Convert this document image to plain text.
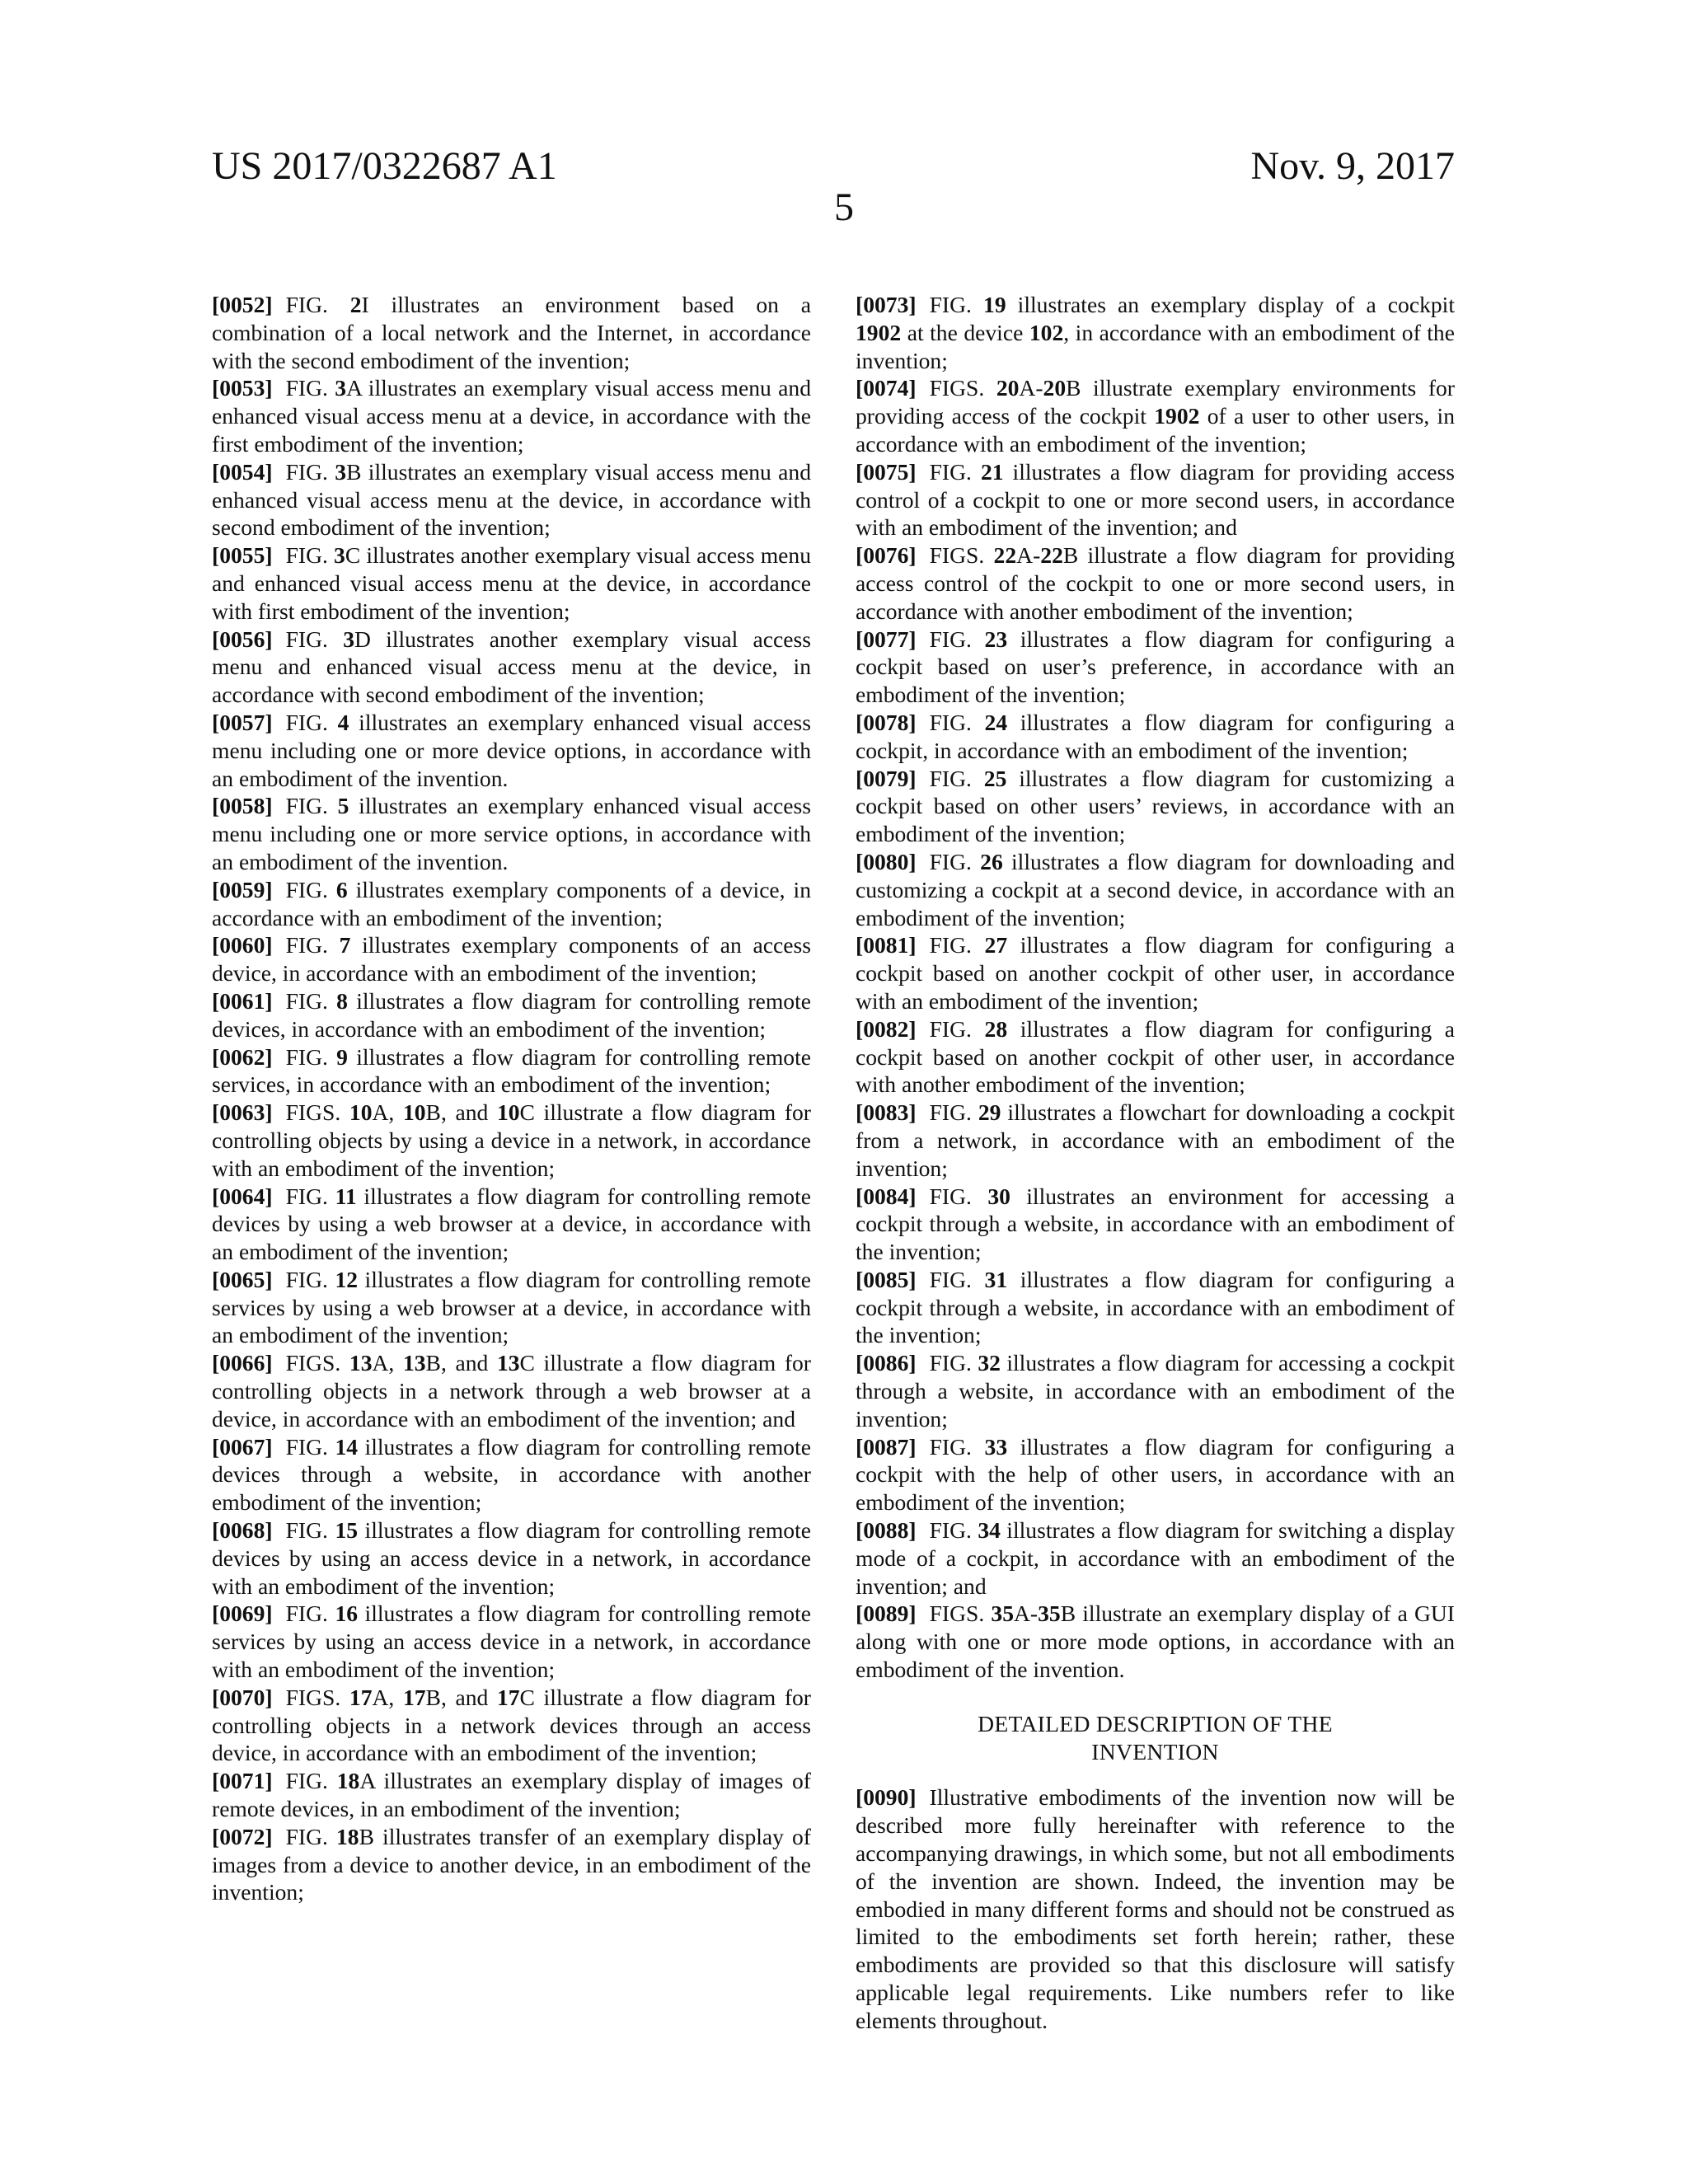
US 2017/0322687 A1	Nov. 9, 2017
5

[0052] FIG. 2I illustrates an environment based on a combination of a local network and the Internet, in accordance with the second embodiment of the invention;

[0053] FIG. 3A illustrates an exemplary visual access menu and enhanced visual access menu at a device, in accordance with the first embodiment of the invention;

[0054] FIG. 3B illustrates an exemplary visual access menu and enhanced visual access menu at the device, in accordance with second embodiment of the invention;

[0055] FIG. 3C illustrates another exemplary visual access menu and enhanced visual access menu at the device, in accordance with first embodiment of the invention;

[0056] FIG. 3D illustrates another exemplary visual access menu and enhanced visual access menu at the device, in accordance with second embodiment of the invention;

[0057] FIG. 4 illustrates an exemplary enhanced visual access menu including one or more device options, in accordance with an embodiment of the invention.

[0058] FIG. 5 illustrates an exemplary enhanced visual access menu including one or more service options, in accordance with an embodiment of the invention.

[0059] FIG. 6 illustrates exemplary components of a device, in accordance with an embodiment of the invention;

[0060] FIG. 7 illustrates exemplary components of an access device, in accordance with an embodiment of the invention;

[0061] FIG. 8 illustrates a flow diagram for controlling remote devices, in accordance with an embodiment of the invention;

[0062] FIG. 9 illustrates a flow diagram for controlling remote services, in accordance with an embodiment of the invention;

[0063] FIGS. 10A, 10B, and 10C illustrate a flow diagram for controlling objects by using a device in a network, in accordance with an embodiment of the invention;

[0064] FIG. 11 illustrates a flow diagram for controlling remote devices by using a web browser at a device, in accordance with an embodiment of the invention;

[0065] FIG. 12 illustrates a flow diagram for controlling remote services by using a web browser at a device, in accordance with an embodiment of the invention;

[0066] FIGS. 13A, 13B, and 13C illustrate a flow diagram for controlling objects in a network through a web browser at a device, in accordance with an embodiment of the invention; and

[0067] FIG. 14 illustrates a flow diagram for controlling remote devices through a website, in accordance with another embodiment of the invention;

[0068] FIG. 15 illustrates a flow diagram for controlling remote devices by using an access device in a network, in accordance with an embodiment of the invention;

[0069] FIG. 16 illustrates a flow diagram for controlling remote services by using an access device in a network, in accordance with an embodiment of the invention;

[0070] FIGS. 17A, 17B, and 17C illustrate a flow diagram for controlling objects in a network devices through an access device, in accordance with an embodiment of the invention;

[0071] FIG. 18A illustrates an exemplary display of images of remote devices, in an embodiment of the invention;

[0072] FIG. 18B illustrates transfer of an exemplary display of images from a device to another device, in an embodiment of the invention;

[0073] FIG. 19 illustrates an exemplary display of a cockpit 1902 at the device 102, in accordance with an embodiment of the invention;

[0074] FIGS. 20A-20B illustrate exemplary environments for providing access of the cockpit 1902 of a user to other users, in accordance with an embodiment of the invention;

[0075] FIG. 21 illustrates a flow diagram for providing access control of a cockpit to one or more second users, in accordance with an embodiment of the invention; and

[0076] FIGS. 22A-22B illustrate a flow diagram for providing access control of the cockpit to one or more second users, in accordance with another embodiment of the invention;

[0077] FIG. 23 illustrates a flow diagram for configuring a cockpit based on user’s preference, in accordance with an embodiment of the invention;

[0078] FIG. 24 illustrates a flow diagram for configuring a cockpit, in accordance with an embodiment of the invention;

[0079] FIG. 25 illustrates a flow diagram for customizing a cockpit based on other users’ reviews, in accordance with an embodiment of the invention;

[0080] FIG. 26 illustrates a flow diagram for downloading and customizing a cockpit at a second device, in accordance with an embodiment of the invention;

[0081] FIG. 27 illustrates a flow diagram for configuring a cockpit based on another cockpit of other user, in accordance with an embodiment of the invention;

[0082] FIG. 28 illustrates a flow diagram for configuring a cockpit based on another cockpit of other user, in accordance with another embodiment of the invention;

[0083] FIG. 29 illustrates a flowchart for downloading a cockpit from a network, in accordance with an embodiment of the invention;

[0084] FIG. 30 illustrates an environment for accessing a cockpit through a website, in accordance with an embodiment of the invention;

[0085] FIG. 31 illustrates a flow diagram for configuring a cockpit through a website, in accordance with an embodiment of the invention;

[0086] FIG. 32 illustrates a flow diagram for accessing a cockpit through a website, in accordance with an embodiment of the invention;

[0087] FIG. 33 illustrates a flow diagram for configuring a cockpit with the help of other users, in accordance with an embodiment of the invention;

[0088] FIG. 34 illustrates a flow diagram for switching a display mode of a cockpit, in accordance with an embodiment of the invention; and

[0089] FIGS. 35A-35B illustrate an exemplary display of a GUI along with one or more mode options, in accordance with an embodiment of the invention.

DETAILED DESCRIPTION OF THE
INVENTION

[0090] Illustrative embodiments of the invention now will be described more fully hereinafter with reference to the accompanying drawings, in which some, but not all embodiments of the invention are shown. Indeed, the invention may be embodied in many different forms and should not be construed as limited to the embodiments set forth herein; rather, these embodiments are provided so that this disclosure will satisfy applicable legal requirements. Like numbers refer to like elements throughout.
